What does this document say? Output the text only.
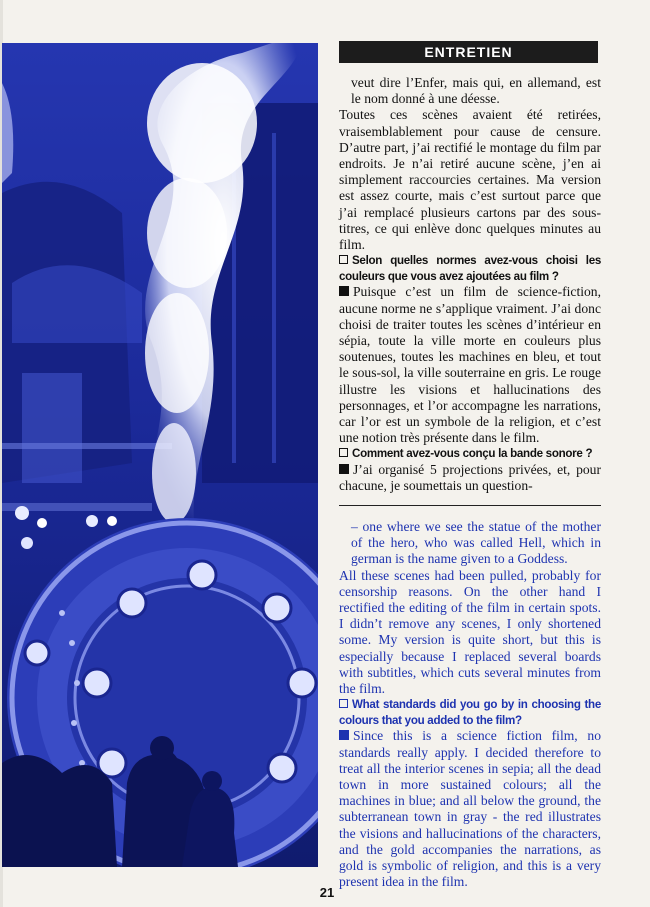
ENTRETIEN

veut dire l’Enfer, mais qui, en allemand, est le nom donné à une déesse.

Toutes ces scènes avaient été retirées, vraisemblablement pour cause de censure. D’autre part, j’ai rectifié le montage du film par endroits. Je n’ai retiré aucune scène, j’en ai simplement raccourcies certaines. Ma version est assez courte, mais c’est surtout parce que j’ai remplacé plusieurs cartons par des sous-titres, ce qui enlève donc quelques minutes au film.

Selon quelles normes avez-vous choisi les couleurs que vous avez ajoutées au film ?

Puisque c’est un film de science-fiction, aucune norme ne s’applique vraiment. J’ai donc choisi de traiter toutes les scènes d’intérieur en sépia, toute la ville morte en couleurs plus soutenues, toutes les machines en bleu, et tout le sous-sol, la ville souterraine en gris. Le rouge illustre les visions et hallucinations des personnages, et l’or accompagne les narrations, car l’or est un symbole de la religion, et c’est une notion très présente dans le film.

Comment avez-vous conçu la bande sonore ?

J’ai organisé 5 projections privées, et, pour chacune, je soumettais un question-

– one where we see the statue of the mother of the hero, who was called Hell, which in german is the name given to a Goddess.

All these scenes had been pulled, probably for censorship reasons. On the other hand I rectified the editing of the film in certain spots. I didn’t remove any scenes, I only shortened some. My version is quite short, but this is especially because I replaced several boards with subtitles, which cuts several minutes from the film.

What standards did you go by in choosing the colours that you added to the film?

Since this is a science fiction film, no standards really apply. I decided therefore to treat all the interior scenes in sepia; all the dead town in more sustained colours; all the machines in blue; and all below the ground, the subterranean town in gray - the red illustrates the visions and hallucinations of the characters, and the gold accompanies the narrations, as gold is symbolic of religion, and this is a very present idea in the film.

21
